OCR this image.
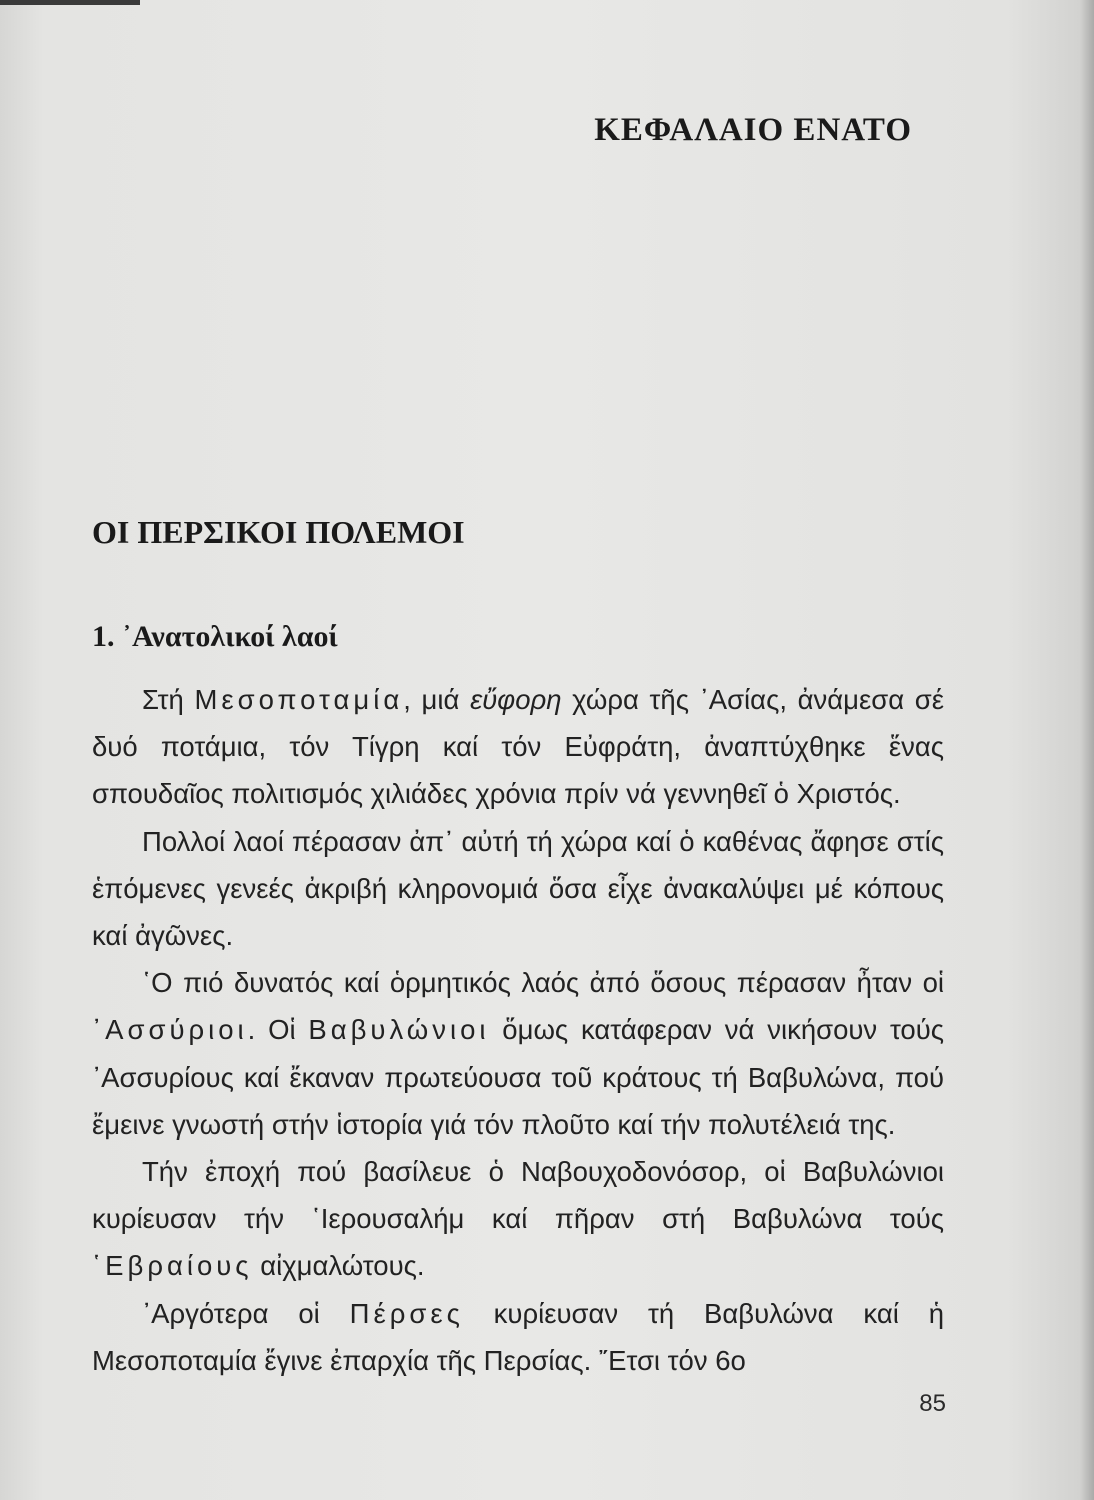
ΚΕΦΑΛΑΙΟ ΕΝΑΤΟ
ΟΙ ΠΕΡΣΙΚΟΙ ΠΟΛΕΜΟΙ
1. ᾿Ανατολικοί λαοί

Στή Μεσοποταμία, μιά εὔφορη χώρα τῆς ᾿Ασίας, ἀνάμεσα σέ δυό ποτάμια, τόν Τίγρη καί τόν Εὐφράτη, ἀναπτύχθηκε ἕνας σπουδαῖος πολιτισμός χιλιάδες χρόνια πρίν νά γεννηθεῖ ὁ Χριστός.

Πολλοί λαοί πέρασαν ἀπ᾿ αὐτή τή χώρα καί ὁ καθένας ἄφησε στίς ἑπόμενες γενεές ἀκριβή κληρονομιά ὅσα εἶχε ἀνακαλύψει μέ κόπους καί ἀγῶνες.

῾Ο πιό δυνατός καί ὁρμητικός λαός ἀπό ὅσους πέρασαν ἦταν οἱ ᾿Ασσύριοι. Οἱ Βαβυλώνιοι ὅμως κατάφεραν νά νικήσουν τούς ᾿Ασσυρίους καί ἔκαναν πρωτεύουσα τοῦ κράτους τή Βαβυλώνα, πού ἔμεινε γνωστή στήν ἱστορία γιά τόν πλοῦτο καί τήν πολυτέλειά της.

Τήν ἐποχή πού βασίλευε ὁ Ναβουχοδονόσορ, οἱ Βαβυλώνιοι κυρίευσαν τήν ῾Ιερουσαλήμ καί πῆραν στή Βαβυλώνα τούς ῾Εβραίους αἰχμαλώτους.

᾿Αργότερα οἱ Πέρσες κυρίευσαν τή Βαβυλώνα καί ἡ Μεσοποταμία ἔγινε ἐπαρχία τῆς Περσίας. ῎Ετσι τόν 6ο

85
